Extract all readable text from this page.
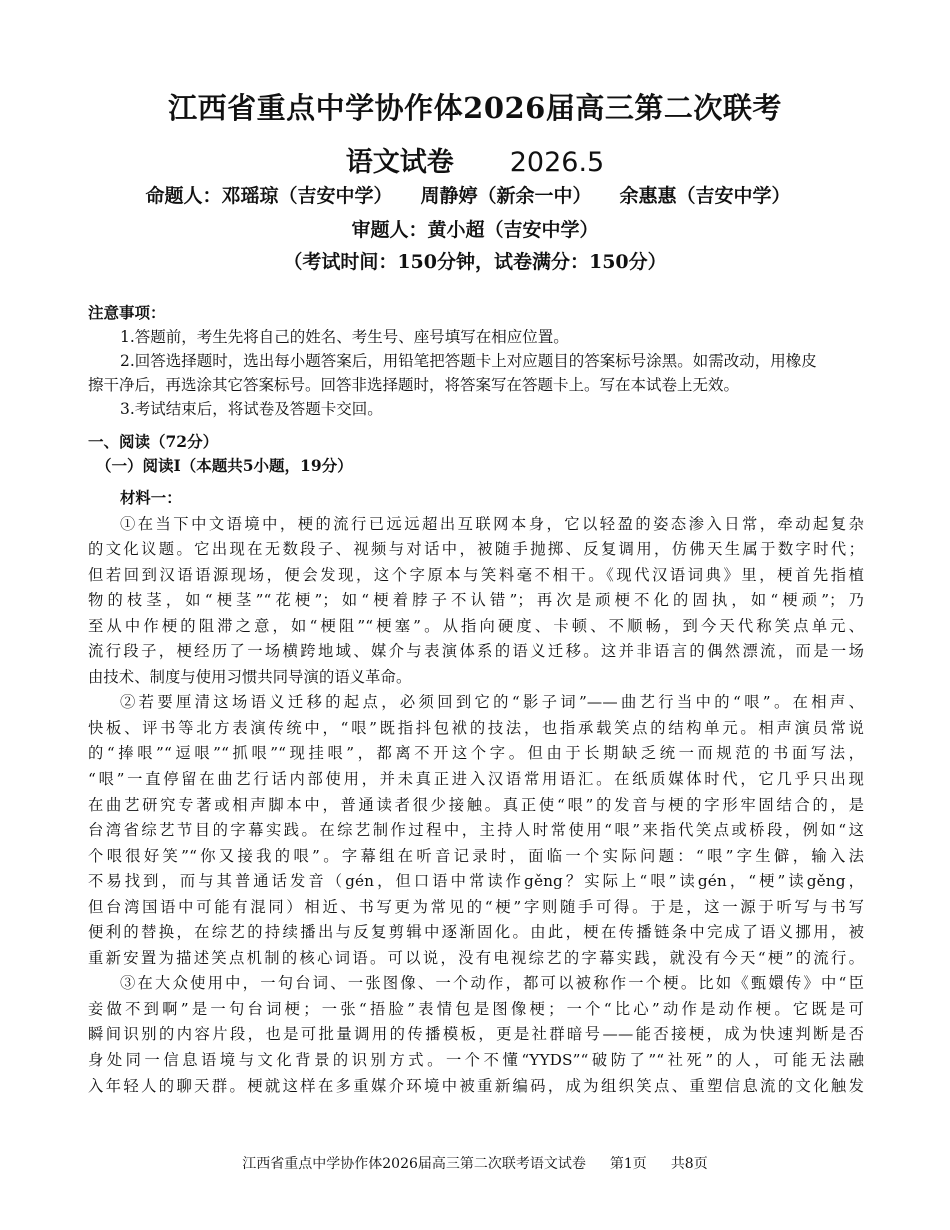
江西省重点中学协作体2026届高三第二次联考
语文试卷 2026.5
命题人：邓瑶琼（吉安中学） 周静婷（新余一中） 余惠惠（吉安中学）
审题人：黄小超（吉安中学）
（考试时间：150分钟，试卷满分：150分）
注意事项：
1.答题前，考生先将自己的姓名、考生号、座号填写在相应位置。
2.回答选择题时，选出每小题答案后，用铅笔把答题卡上对应题目的答案标号涂黑。如需改动，用橡皮
擦干净后，再选涂其它答案标号。回答非选择题时，将答案写在答题卡上。写在本试卷上无效。
3.考试结束后，将试卷及答题卡交回。
一、阅读（72分）
（一）阅读Ⅰ（本题共5小题，19分）
材料一：
①在当下中文语境中，梗的流行已远远超出互联网本身，它以轻盈的姿态渗入日常，牵动起复杂
的文化议题。它出现在无数段子、视频与对话中，被随手抛掷、反复调用，仿佛天生属于数字时代；
但若回到汉语语源现场，便会发现，这个字原本与笑料毫不相干。《现代汉语词典》里，梗首先指植
物的枝茎，如“梗茎”“花梗”；如“梗着脖子不认错”；再次是顽梗不化的固执，如“梗顽”；乃
至从中作梗的阻滞之意，如“梗阻”“梗塞”。从指向硬度、卡顿、不顺畅，到今天代称笑点单元、
流行段子，梗经历了一场横跨地域、媒介与表演体系的语义迁移。这并非语言的偶然漂流，而是一场
由技术、制度与使用习惯共同导演的语义革命。
②若要厘清这场语义迁移的起点，必须回到它的“影子词”——曲艺行当中的“哏”。在相声、
快板、评书等北方表演传统中，“哏”既指抖包袱的技法，也指承载笑点的结构单元。相声演员常说
的“捧哏”“逗哏”“抓哏”“现挂哏”，都离不开这个字。但由于长期缺乏统一而规范的书面写法，
“哏”一直停留在曲艺行话内部使用，并未真正进入汉语常用语汇。在纸质媒体时代，它几乎只出现
在曲艺研究专著或相声脚本中，普通读者很少接触。真正使“哏”的发音与梗的字形牢固结合的，是
台湾省综艺节目的字幕实践。在综艺制作过程中，主持人时常使用“哏”来指代笑点或桥段，例如“这
个哏很好笑”“你又接我的哏”。字幕组在听音记录时，面临一个实际问题：“哏”字生僻，输入法
不易找到，而与其普通话发音（gén，但口语中常读作gěng？实际上“哏”读gén，“梗”读gěng，
但台湾国语中可能有混同）相近、书写更为常见的“梗”字则随手可得。于是，这一源于听写与书写
便利的替换，在综艺的持续播出与反复剪辑中逐渐固化。由此，梗在传播链条中完成了语义挪用，被
重新安置为描述笑点机制的核心词语。可以说，没有电视综艺的字幕实践，就没有今天“梗”的流行。
③在大众使用中，一句台词、一张图像、一个动作，都可以被称作一个梗。比如《甄嬛传》中“臣
妾做不到啊”是一句台词梗；一张“捂脸”表情包是图像梗；一个“比心”动作是动作梗。它既是可
瞬间识别的内容片段，也是可批量调用的传播模板，更是社群暗号——能否接梗，成为快速判断是否
身处同一信息语境与文化背景的识别方式。一个不懂“YYDS”“破防了”“社死”的人，可能无法融
入年轻人的聊天群。梗就这样在多重媒介环境中被重新编码，成为组织笑点、重塑信息流的文化触发
江西省重点中学协作体2026届高三第二次联考语文试卷 第1页 共8页
